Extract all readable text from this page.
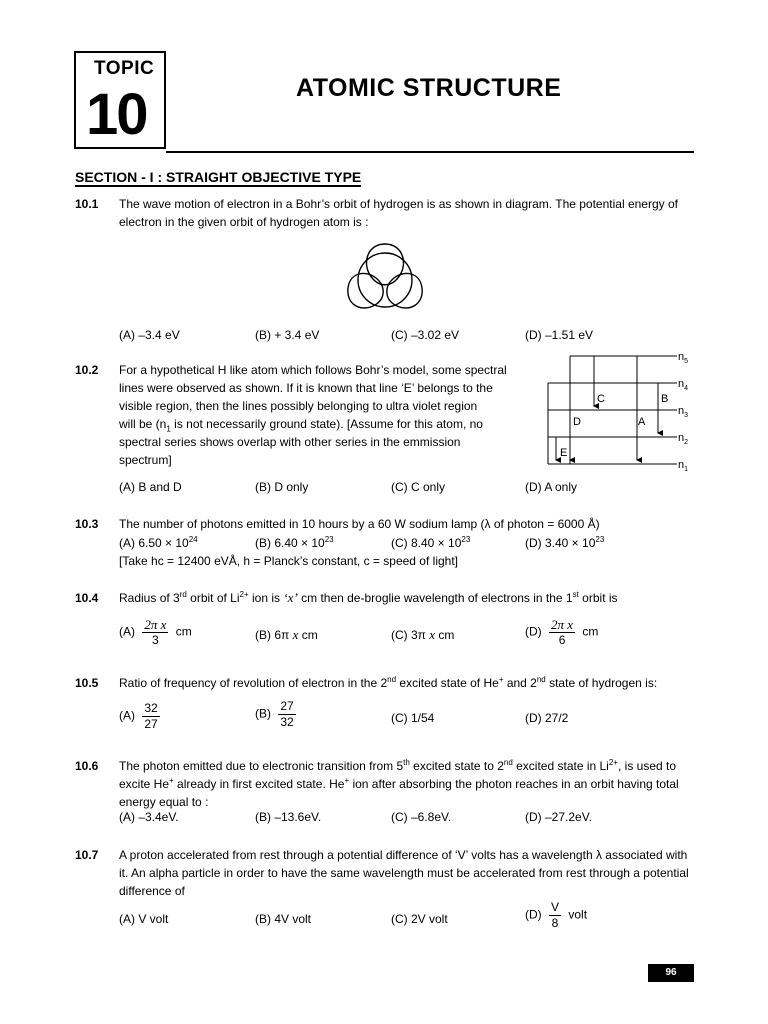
TOPIC
10	ATOMIC STRUCTURE
SECTION - I : STRAIGHT OBJECTIVE TYPE
10.1 The wave motion of electron in a Bohr’s orbit of hydrogen is as shown in diagram. The potential energy of
electron in the given orbit of hydrogen atom is :
(A) –3.4 eV	(B) + 3.4 eV	(C) –3.02 eV	(D) –1.51 eV
10.2 For a hypothetical H like atom which follows Bohr’s model, some spectral
lines were observed as shown. If it is known that line ‘E’ belongs to the
visible region, then the lines possibly belonging to ultra violet region
will be ($n_1$ is not necessarily ground state). [Assume for this atom, no
spectral series shows overlap with other series in the emmission
spectrum]
$n_5$
$n_4$
$n_3$
$n_2$
$n_1$
C	B
D	A
E
(A) B and D	(B) D only	(C) C only	(D) A only
10.3 The number of photons emitted in 10 hours by a 60 W sodium lamp (λ of photon = 6000 Å)
(A) $6.50 \times 10^{24}$	(B) $6.40 \times 10^{23}$	(C) $8.40 \times 10^{23}$	(D) $3.40 \times 10^{23}$
[Take hc = 12400 eVÅ, h = Planck’s constant, c = speed of light]
10.4 Radius of 3rd orbit of $Li^{2+}$ ion is ‘x’ cm then de-broglie wavelength of electrons in the 1st orbit is
$(A) \frac{\text{2π x}}{3}$ cm	(B) 6π x cm	(C) 3π x cm	$(D) \frac{\text{2π x}}{6}$ cm
10.5 Ratio of frequency of revolution of electron in the 2nd excited state of He+ and 2nd state of hydrogen is:
$(A) \frac{32}{27}$	$(B) \frac{27}{32}$	(C) 1/54	(D) 27/2
10.6 The photon emitted due to electronic transition from 5th excited state to 2nd excited state in $Li^{2+}$, is used to
excite He+ already in first excited state. He+ ion after absorbing the photon reaches in an orbit having total
energy equal to :
(A) –3.4eV.	(B) –13.6eV.	(C) –6.8eV.	(D) –27.2eV.
10.7 A proton accelerated from rest through a potential difference of ‘V’ volts has a wavelength λ associated with
it. An alpha particle in order to have the same wavelength must be accelerated from rest through a potential
difference of
(A) V volt	(B) 4V volt	(C) 2V volt	$(D) \frac{V}{8}$ volt
96
